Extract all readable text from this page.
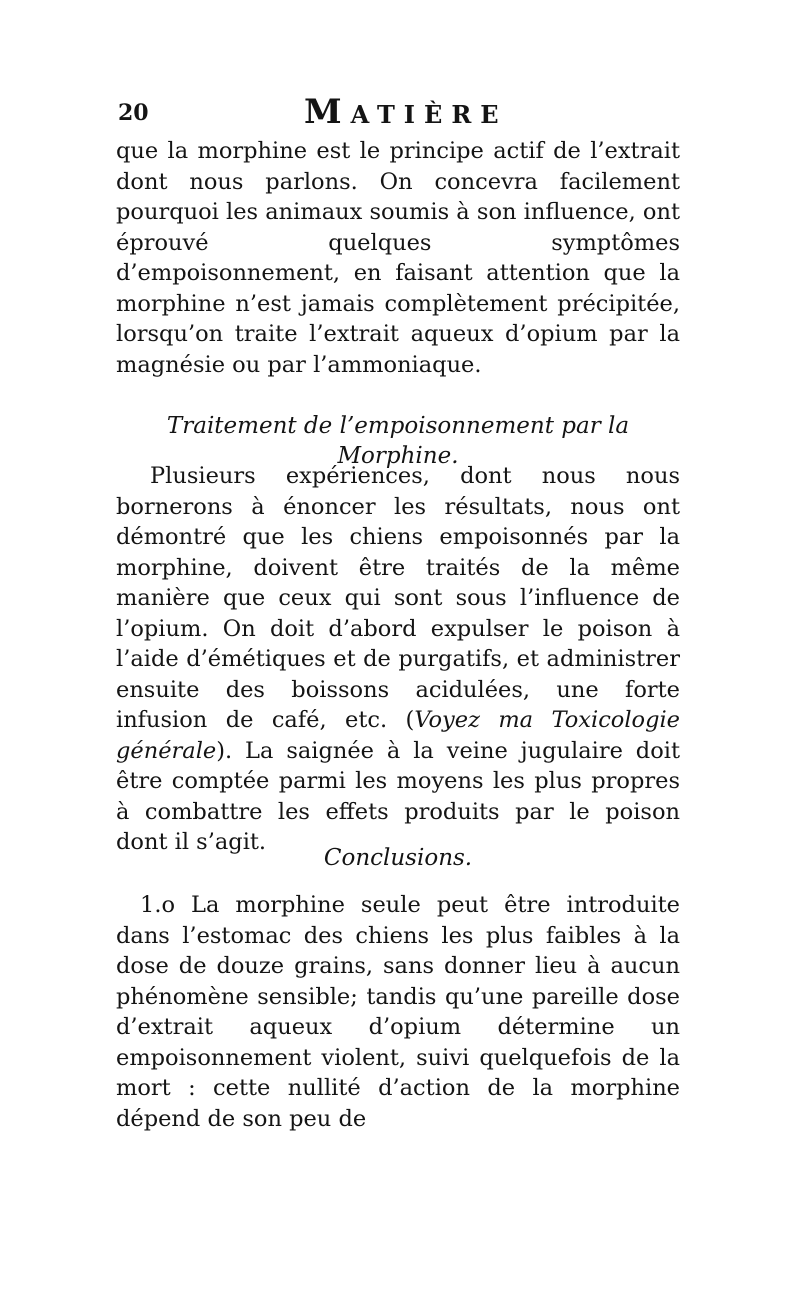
20	Matière

que la morphine est le principe actif de l’extrait dont nous parlons. On concevra facilement pourquoi les animaux soumis à son influence, ont éprouvé quelques symptômes d’empoisonnement, en faisant attention que la morphine n’est jamais complètement précipitée, lorsqu’on traite l’extrait aqueux d’opium par la magnésie ou par l’ammoniaque.

Traitement de l’empoisonnement par la Morphine.

Plusieurs expériences, dont nous nous bornerons à énoncer les résultats, nous ont démontré que les chiens empoisonnés par la morphine, doivent être traités de la même manière que ceux qui sont sous l’influence de l’opium. On doit d’abord expulser le poison à l’aide d’émétiques et de purgatifs, et administrer ensuite des boissons acidulées, une forte infusion de café, etc. (Voyez ma Toxicologie générale). La saignée à la veine jugulaire doit être comptée parmi les moyens les plus propres à combattre les effets produits par le poison dont il s’agit.

Conclusions.

1.o La morphine seule peut être introduite dans l’estomac des chiens les plus faibles à la dose de douze grains, sans donner lieu à aucun phénomène sensible; tandis qu’une pareille dose d’extrait aqueux d’opium détermine un empoisonnement violent, suivi quelquefois de la mort : cette nullité d’action de la morphine dépend de son peu de
